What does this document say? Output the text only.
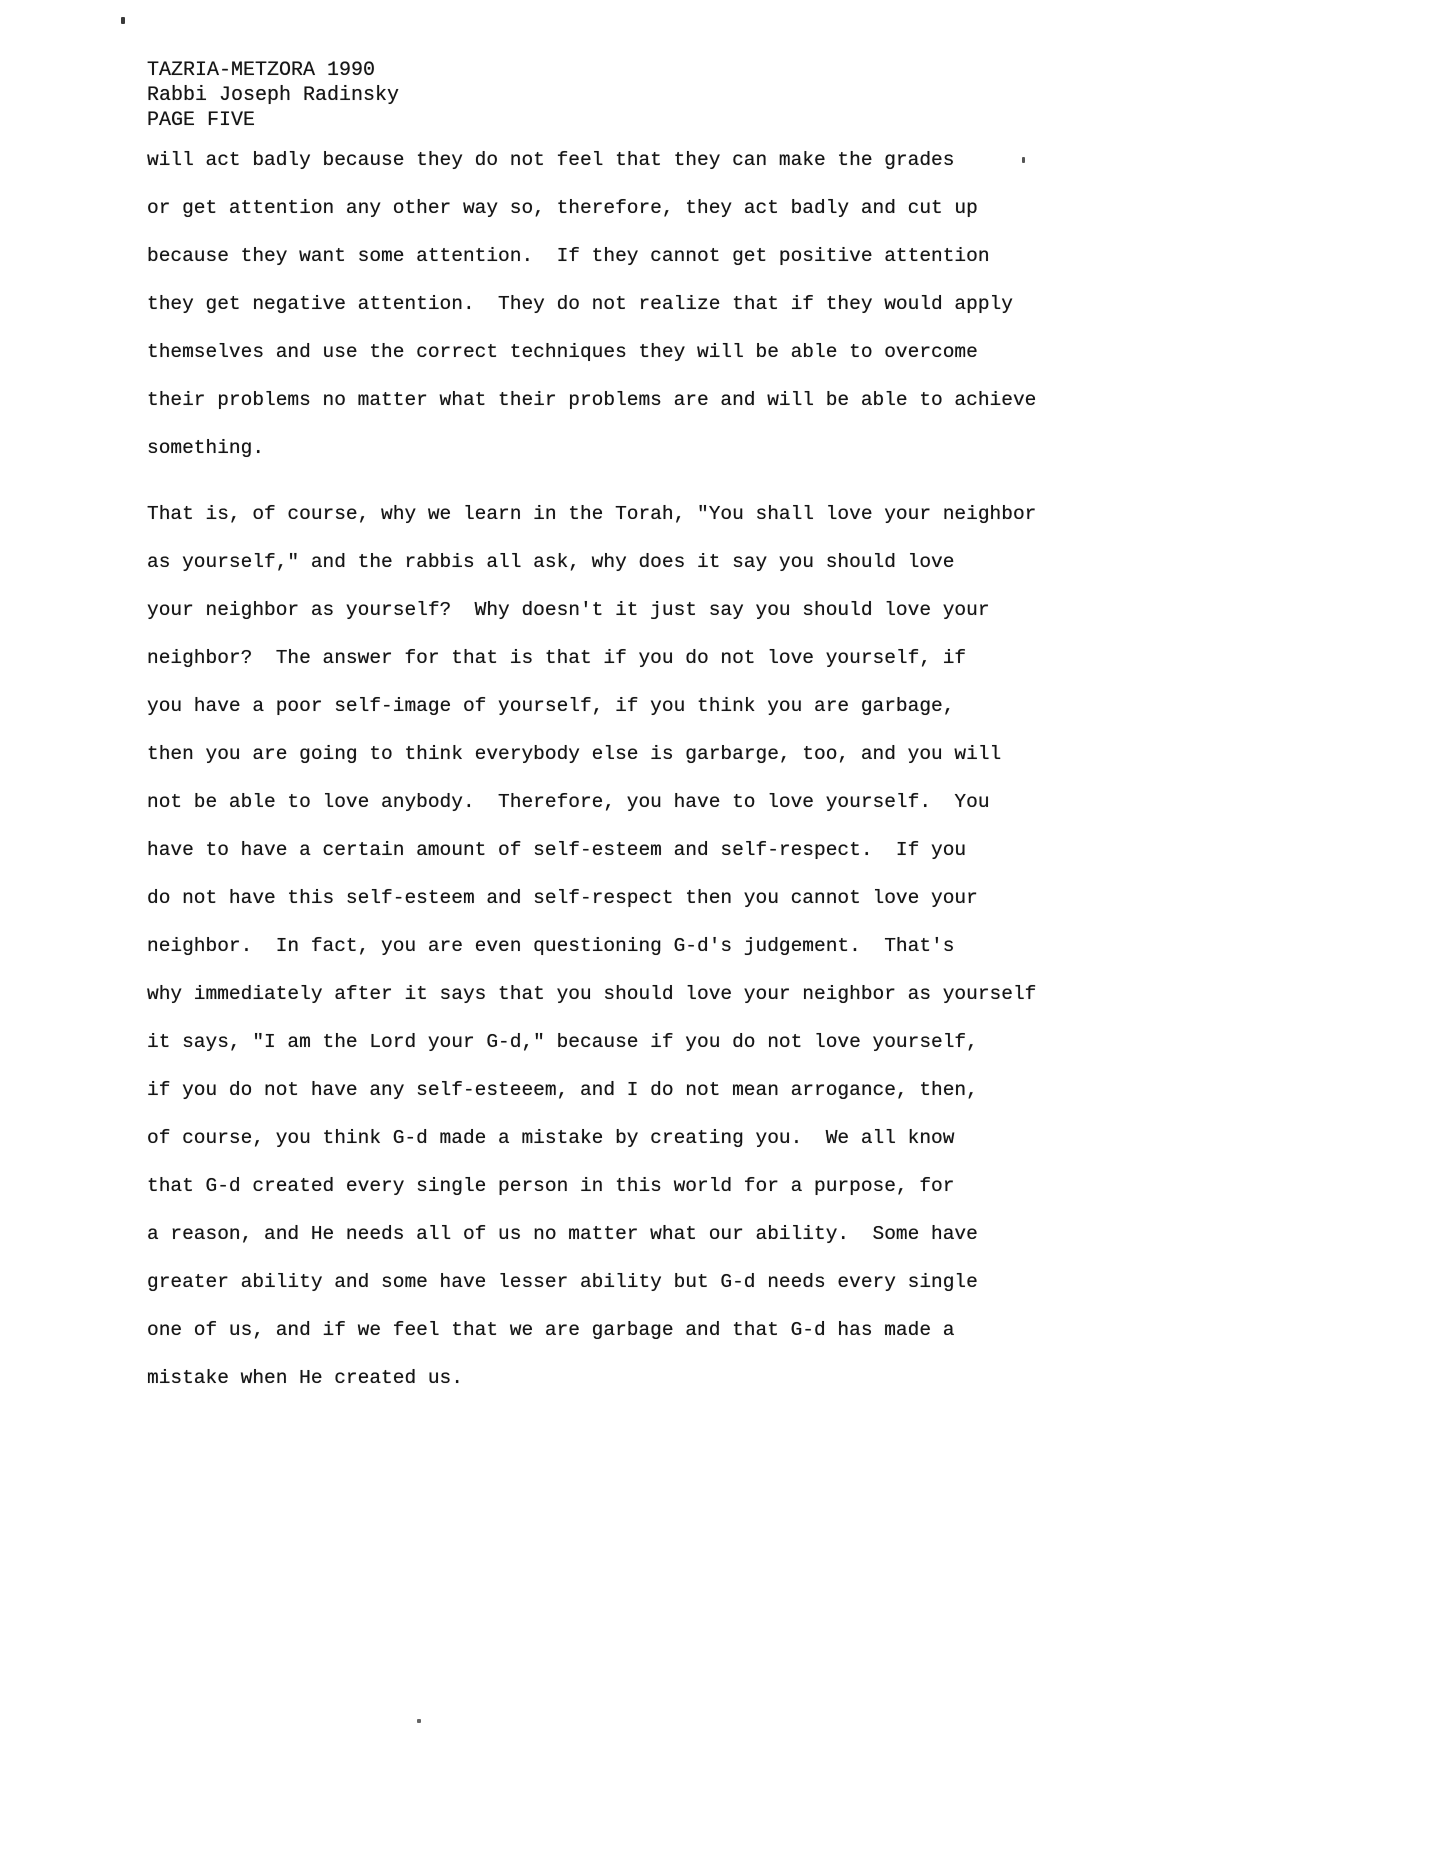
TAZRIA-METZORA 1990
Rabbi Joseph Radinsky
PAGE FIVE
will act badly because they do not feel that they can make the grades
or get attention any other way so, therefore, they act badly and cut up
because they want some attention.  If they cannot get positive attention
they get negative attention.  They do not realize that if they would apply
themselves and use the correct techniques they will be able to overcome
their problems no matter what their problems are and will be able to achieve
something.
That is, of course, why we learn in the Torah, "You shall love your neighbor
as yourself," and the rabbis all ask, why does it say you should love
your neighbor as yourself?  Why doesn't it just say you should love your
neighbor?  The answer for that is that if you do not love yourself, if
you have a poor self-image of yourself, if you think you are garbage,
then you are going to think everybody else is garbarge, too, and you will
not be able to love anybody.  Therefore, you have to love yourself.  You
have to have a certain amount of self-esteem and self-respect.  If you
do not have this self-esteem and self-respect then you cannot love your
neighbor.  In fact, you are even questioning G-d's judgement.  That's
why immediately after it says that you should love your neighbor as yourself
it says, "I am the Lord your G-d," because if you do not love yourself,
if you do not have any self-esteeem, and I do not mean arrogance, then,
of course, you think G-d made a mistake by creating you.  We all know
that G-d created every single person in this world for a purpose, for
a reason, and He needs all of us no matter what our ability.  Some have
greater ability and some have lesser ability but G-d needs every single
one of us, and if we feel that we are garbage and that G-d has made a
mistake when He created us.
